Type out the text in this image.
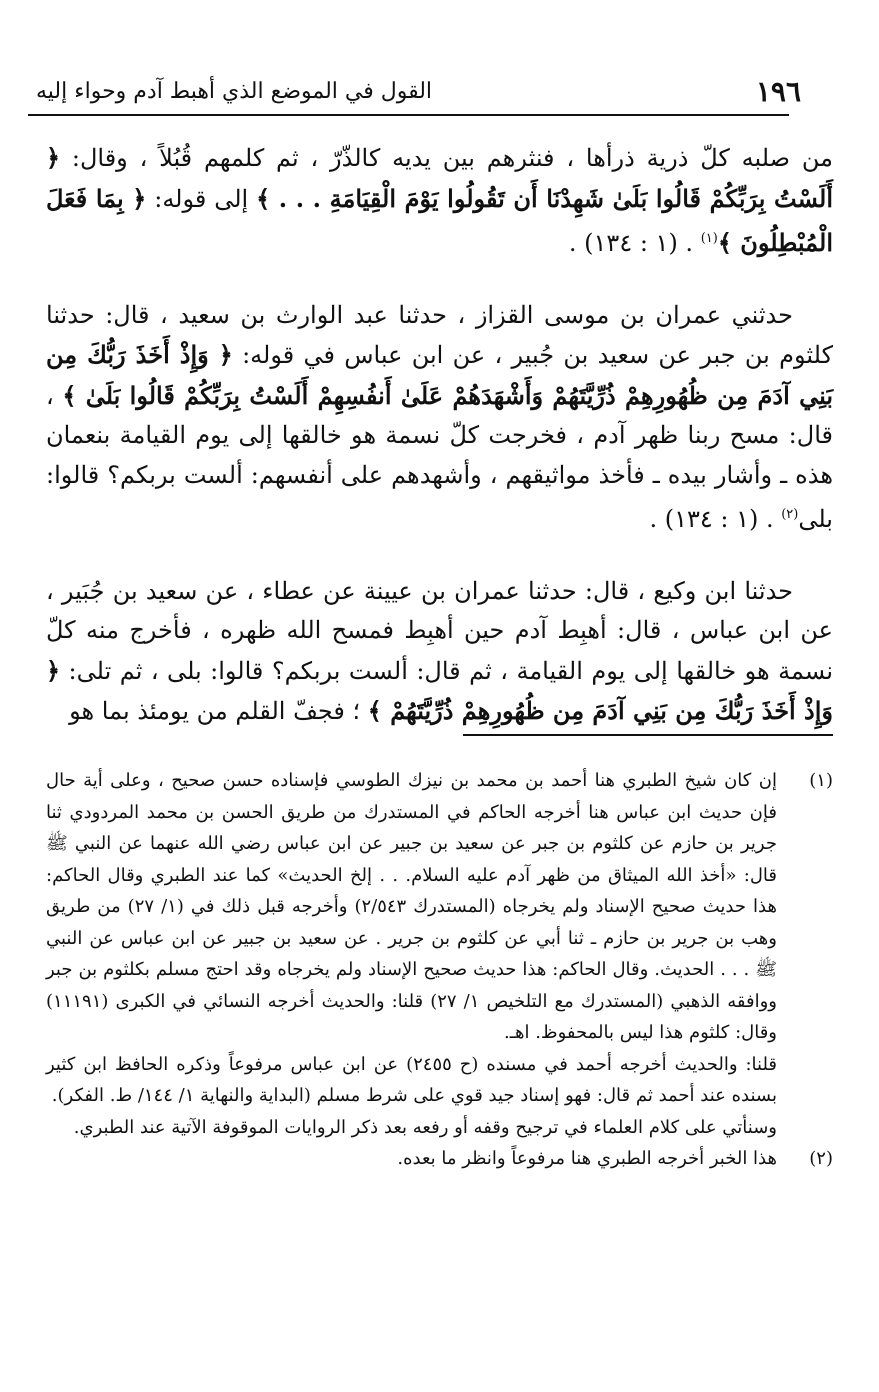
١٩٦
القول في الموضع الذي أهبط آدم وحواء إليه

من صلبه كلّ ذرية ذرأها ، فنثرهم بين يديه كالذّرّ ، ثم كلمهم قُبُلاً ، وقال: ﴿ أَلَسْتُ بِرَبِّكُمْ قَالُوا بَلَىٰ شَهِدْنَا أَن تَقُولُوا يَوْمَ الْقِيَامَةِ . . . ﴾ إلى قوله: ﴿ بِمَا فَعَلَ الْمُبْطِلُونَ ﴾$^{(١)}$ . (١ : ١٣٤) .

حدثني عمران بن موسى القزاز ، حدثنا عبد الوارث بن سعيد ، قال: حدثنا كلثوم بن جبر عن سعيد بن جُبير ، عن ابن عباس في قوله: ﴿ وَإِذْ أَخَذَ رَبُّكَ مِن بَنِي آدَمَ مِن ظُهُورِهِمْ ذُرِّيَّتَهُمْ وَأَشْهَدَهُمْ عَلَىٰ أَنفُسِهِمْ أَلَسْتُ بِرَبِّكُمْ قَالُوا بَلَىٰ ﴾ ، قال: مسح ربنا ظهر آدم ، فخرجت كلّ نسمة هو خالقها إلى يوم القيامة بنعمان هذه ـ وأشار بيده ـ فأخذ مواثيقهم ، وأشهدهم على أنفسهم: ألست بربكم؟ قالوا: بلى$^{(٢)}$ . (١ : ١٣٤) .

حدثنا ابن وكيع ، قال: حدثنا عمران بن عيينة عن عطاء ، عن سعيد بن جُبَير ، عن ابن عباس ، قال: أهبِط آدم حين أهبِط فمسح الله ظهره ، فأخرج منه كلّ نسمة هو خالقها إلى يوم القيامة ، ثم قال: ألست بربكم؟ قالوا: بلى ، ثم تلى: ﴿ وَإِذْ أَخَذَ رَبُّكَ مِن بَنِي آدَمَ مِن ظُهُورِهِمْ ذُرِّيَّتَهُمْ ﴾ ؛ فجفّ القلم من يومئذ بما هو

(١)

إن كان شيخ الطبري هنا أحمد بن محمد بن نيزك الطوسي فإسناده حسن صحيح ، وعلى أية حال فإن حديث ابن عباس هنا أخرجه الحاكم في المستدرك من طريق الحسن بن محمد المردودي ثنا جرير بن حازم عن كلثوم بن جبر عن سعيد بن جبير عن ابن عباس رضي الله عنهما عن النبي ﷺ قال: «أخذ الله الميثاق من ظهر آدم عليه السلام. . . إلخ الحديث» كما عند الطبري وقال الحاكم: هذا حديث صحيح الإسناد ولم يخرجاه (المستدرك ٢/٥٤٣) وأخرجه قبل ذلك في (١/ ٢٧) من طريق وهب بن جرير بن حازم ـ ثنا أبي عن كلثوم بن جرير . عن سعيد بن جبير عن ابن عباس عن النبي ﷺ . . . الحديث. وقال الحاكم: هذا حديث صحيح الإسناد ولم يخرجاه وقد احتج مسلم بكلثوم بن جبر ووافقه الذهبي (المستدرك مع التلخيص ١/ ٢٧) قلنا: والحديث أخرجه النسائي في الكبرى (١١١٩١) وقال: كلثوم هذا ليس بالمحفوظ. اهـ.

قلنا: والحديث أخرجه أحمد في مسنده (ح ٢٤٥٥) عن ابن عباس مرفوعاً وذكره الحافظ ابن كثير بسنده عند أحمد ثم قال: فهو إسناد جيد قوي على شرط مسلم (البداية والنهاية ١/ ١٤٤/ ط. الفكر).

وسنأتي على كلام العلماء في ترجيح وقفه أو رفعه بعد ذكر الروايات الموقوفة الآتية عند الطبري.

(٢)

هذا الخبر أخرجه الطبري هنا مرفوعاً وانظر ما بعده.
